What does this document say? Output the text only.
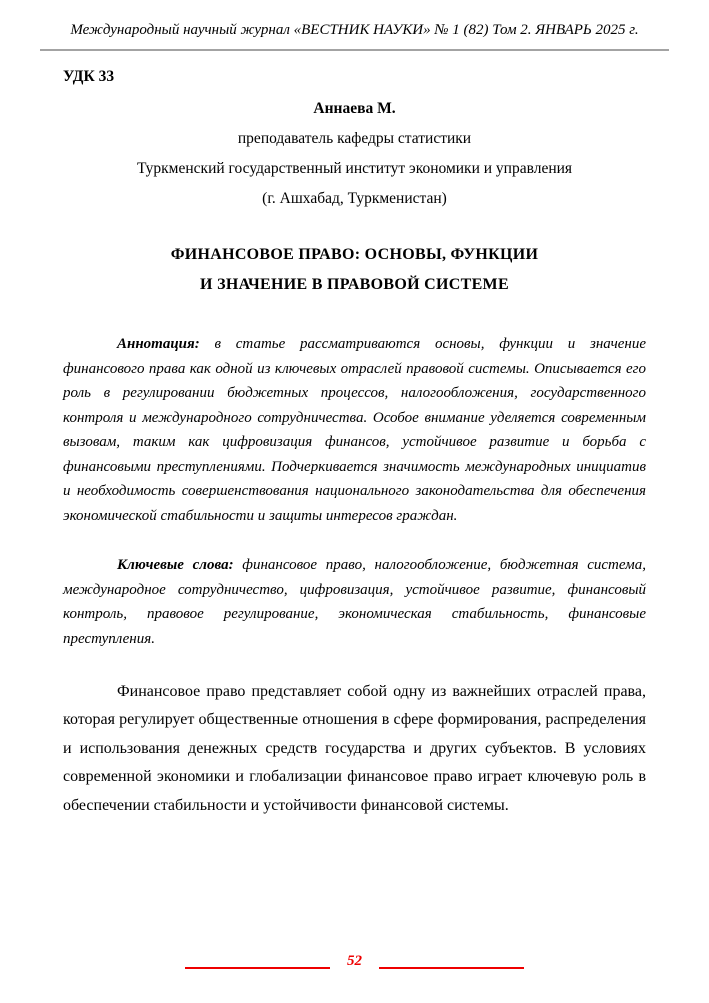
Международный научный журнал «ВЕСТНИК НАУКИ» № 1 (82) Том 2. ЯНВАРЬ 2025 г.
УДК 33
Аннаева М.
преподаватель кафедры статистики
Туркменский государственный институт экономики и управления
(г. Ашхабад, Туркменистан)
ФИНАНСОВОЕ ПРАВО: ОСНОВЫ, ФУНКЦИИ
И ЗНАЧЕНИЕ В ПРАВОВОЙ СИСТЕМЕ

Аннотация: в статье рассматриваются основы, функции и значение финансового права как одной из ключевых отраслей правовой системы. Описывается его роль в регулировании бюджетных процессов, налогообложения, государственного контроля и международного сотрудничества. Особое внимание уделяется современным вызовам, таким как цифровизация финансов, устойчивое развитие и борьба с финансовыми преступлениями. Подчеркивается значимость международных инициатив и необходимость совершенствования национального законодательства для обеспечения экономической стабильности и защиты интересов граждан.

Ключевые слова: финансовое право, налогообложение, бюджетная система, международное сотрудничество, цифровизация, устойчивое развитие, финансовый контроль, правовое регулирование, экономическая стабильность, финансовые преступления.

Финансовое право представляет собой одну из важнейших отраслей права, которая регулирует общественные отношения в сфере формирования, распределения и использования денежных средств государства и других субъектов. В условиях современной экономики и глобализации финансовое право играет ключевую роль в обеспечении стабильности и устойчивости финансовой системы.

52
